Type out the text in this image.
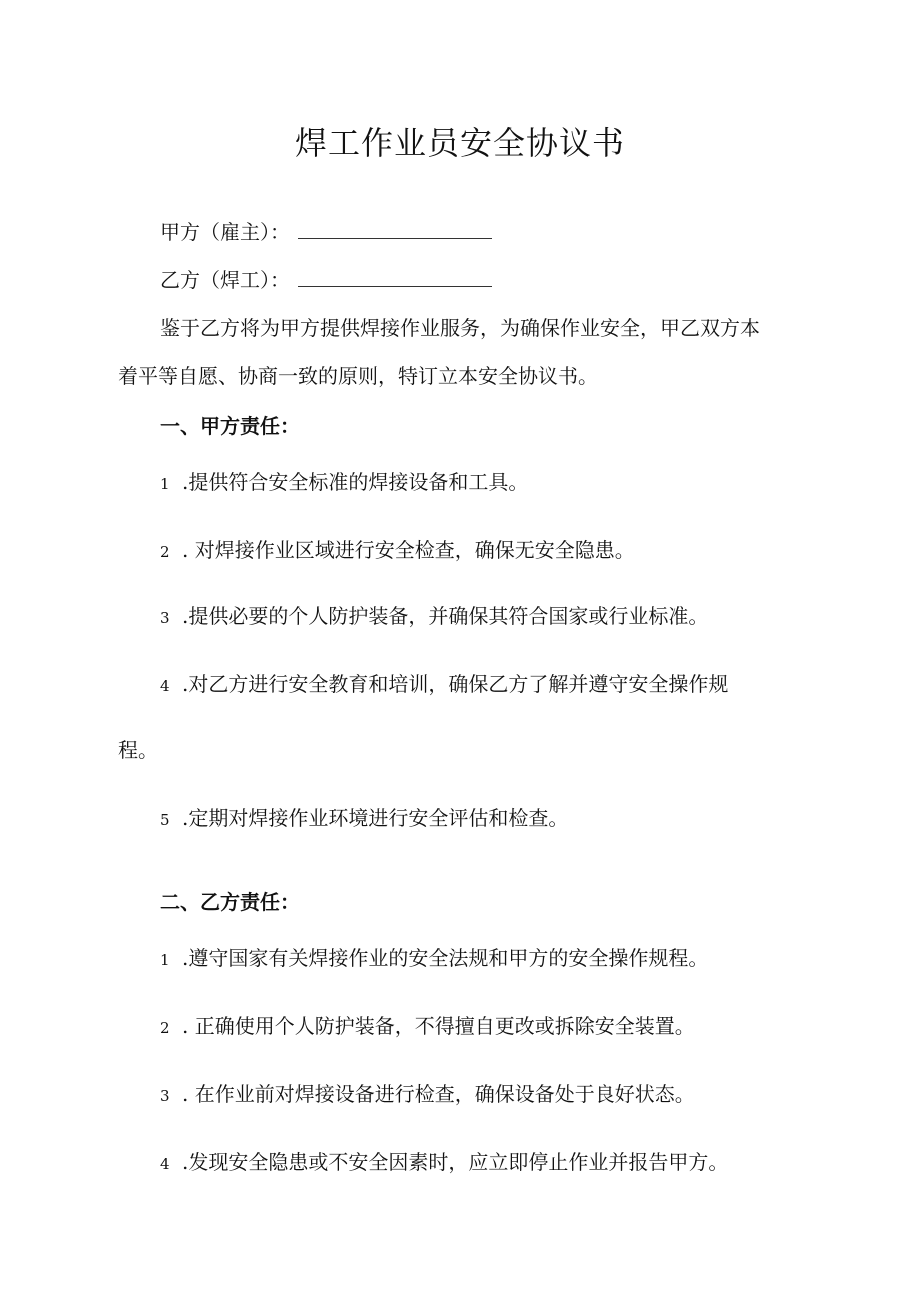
焊工作业员安全协议书
甲方（雇主）：
乙方（焊工）：
鉴于乙方将为甲方提供焊接作业服务，为确保作业安全，甲乙双方本
着平等自愿、协商一致的原则，特订立本安全协议书。
一、甲方责任：
1 .提供符合安全标准的焊接设备和工具。
2 . 对焊接作业区域进行安全检查，确保无安全隐患。
3 .提供必要的个人防护装备，并确保其符合国家或行业标准。
4 .对乙方进行安全教育和培训，确保乙方了解并遵守安全操作规
程。
5 .定期对焊接作业环境进行安全评估和检查。
二、乙方责任：
1 .遵守国家有关焊接作业的安全法规和甲方的安全操作规程。
2 . 正确使用个人防护装备，不得擅自更改或拆除安全装置。
3 . 在作业前对焊接设备进行检查，确保设备处于良好状态。
4 .发现安全隐患或不安全因素时，应立即停止作业并报告甲方。
